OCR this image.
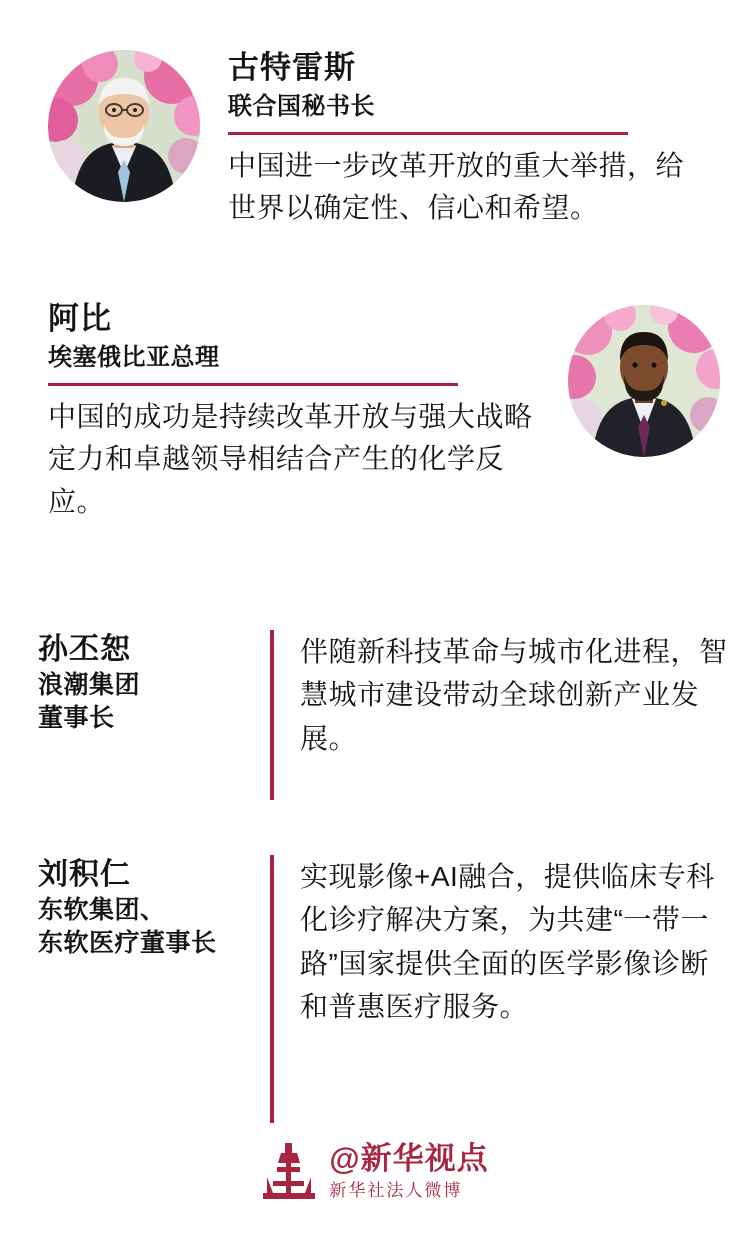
古特雷斯
联合国秘书长
中国进一步改革开放的重大举措，给世界以确定性、信心和希望。
阿比
埃塞俄比亚总理
中国的成功是持续改革开放与强大战略定力和卓越领导相结合产生的化学反应。
孙丕恕
浪潮集团
董事长
伴随新科技革命与城市化进程，智慧城市建设带动全球创新产业发展。
刘积仁
东软集团、
东软医疗董事长
实现影像+AI融合，提供临床专科化诊疗解决方案，为共建“一带一路”国家提供全面的医学影像诊断和普惠医疗服务。
@新华视点
新华社法人微博
